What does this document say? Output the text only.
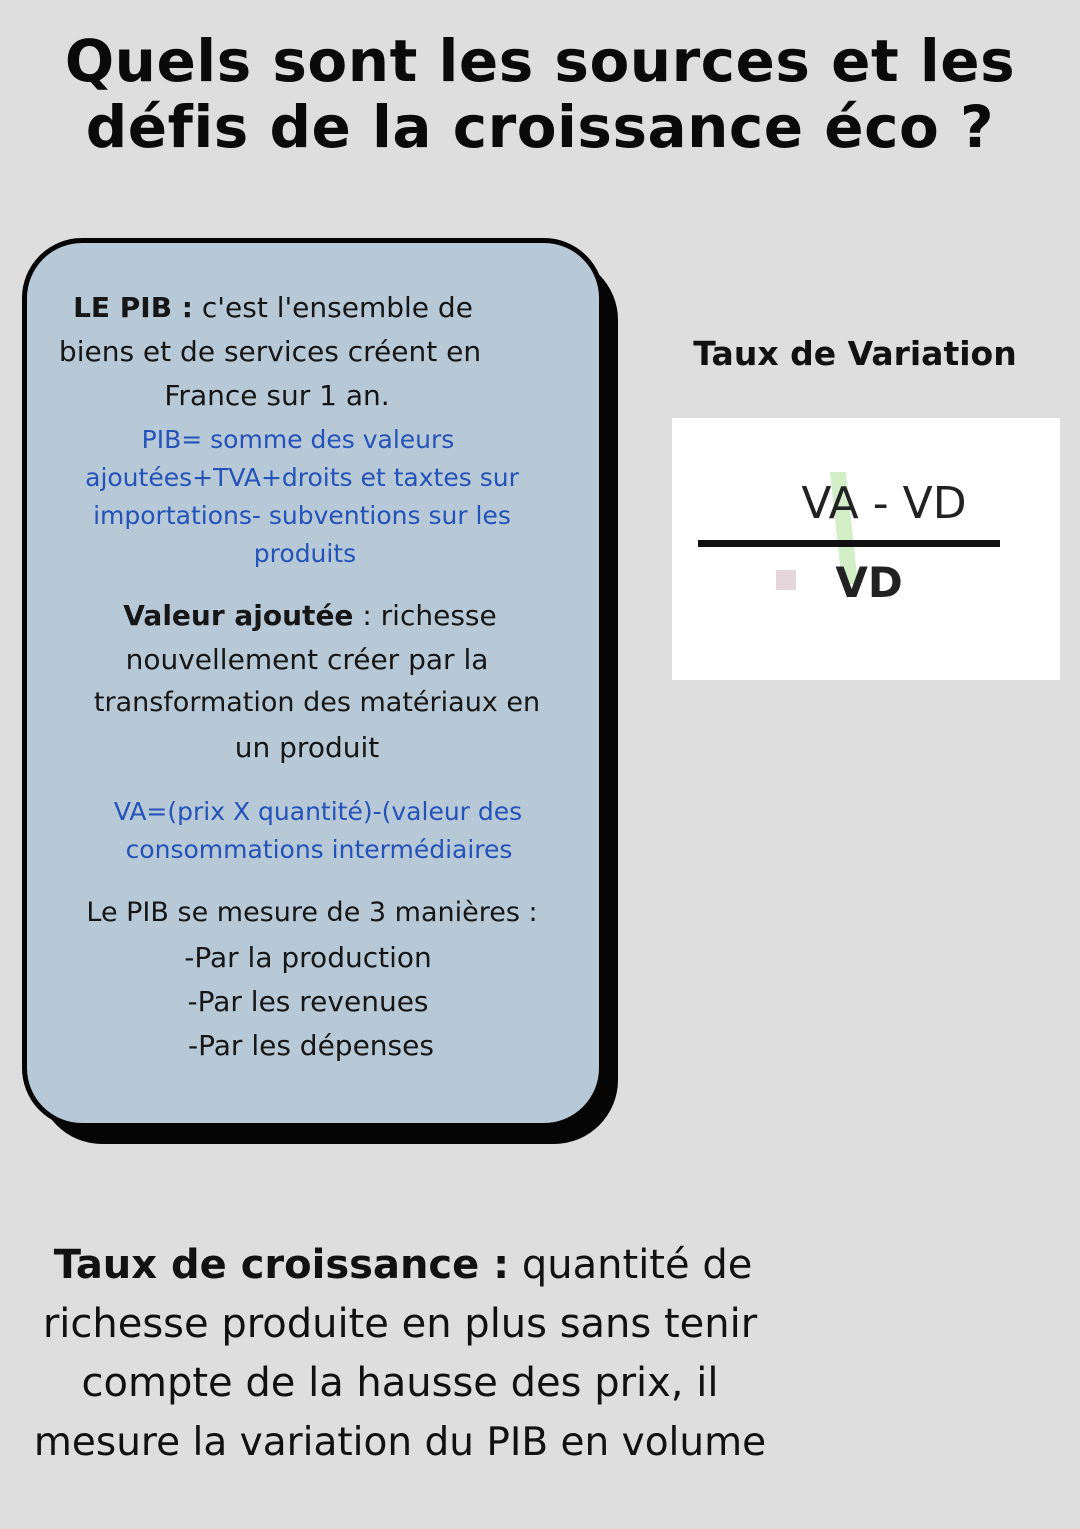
Quels sont les sources et les
défis de la croissance éco ?
LE PIB : c'est l'ensemble de
biens et de services créent en
France sur 1 an.
PIB= somme des valeurs
ajoutées+TVA+droits et taxtes sur
importations- subventions sur les
produits
Valeur ajoutée : richesse
nouvellement créer par la
transformation des matériaux en
un produit
VA=(prix X quantité)-(valeur des
consommations intermédiaires
Le PIB se mesure de 3 manières :
-Par la production
-Par les revenues
-Par les dépenses
Taux de Variation
VA - VD
VD
Taux de croissance : quantité de
richesse produite en plus sans tenir
compte de la hausse des prix, il
mesure la variation du PIB en volume
